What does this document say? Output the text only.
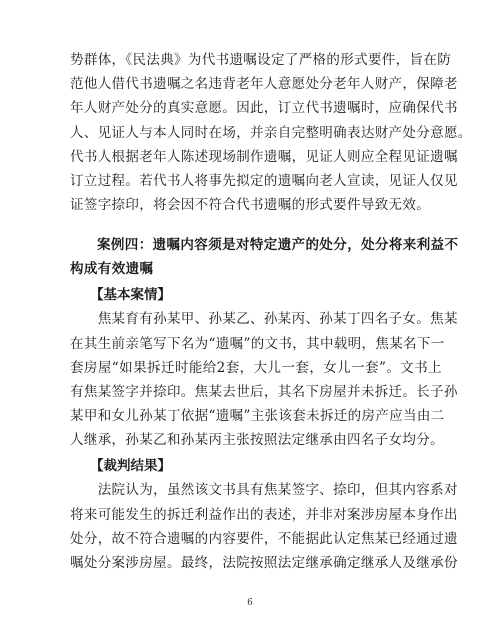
势群体，《民法典》为代书遗嘱设定了严格的形式要件，旨在防

范他人借代书遗嘱之名违背老年人意愿处分老年人财产，保障老

年人财产处分的真实意愿。因此，订立代书遗嘱时，应确保代书

人、见证人与本人同时在场，并亲自完整明确表达财产处分意愿。

代书人根据老年人陈述现场制作遗嘱，见证人则应全程见证遗嘱

订立过程。若代书人将事先拟定的遗嘱向老人宣读，见证人仅见

证签字捺印，将会因不符合代书遗嘱的形式要件导致无效。

案例四：遗嘱内容须是对特定遗产的处分，处分将来利益不

构成有效遗嘱

【基本案情】

　　焦某育有孙某甲、孙某乙、孙某丙、孙某丁四名子女。焦某

在其生前亲笔写下名为“遗嘱”的文书，其中载明，焦某名下一

套房屋“如果拆迁时能给2套，大儿一套，女儿一套”。文书上

有焦某签字并捺印。焦某去世后，其名下房屋并未拆迁。长子孙

某甲和女儿孙某丁依据“遗嘱”主张该套未拆迁的房产应当由二

人继承，孙某乙和孙某丙主张按照法定继承由四名子女均分。

【裁判结果】

　　法院认为，虽然该文书具有焦某签字、捺印，但其内容系对

将来可能发生的拆迁利益作出的表述，并非对案涉房屋本身作出

处分，故不符合遗嘱的内容要件，不能据此认定焦某已经通过遗

嘱处分案涉房屋。最终，法院按照法定继承确定继承人及继承份

6
